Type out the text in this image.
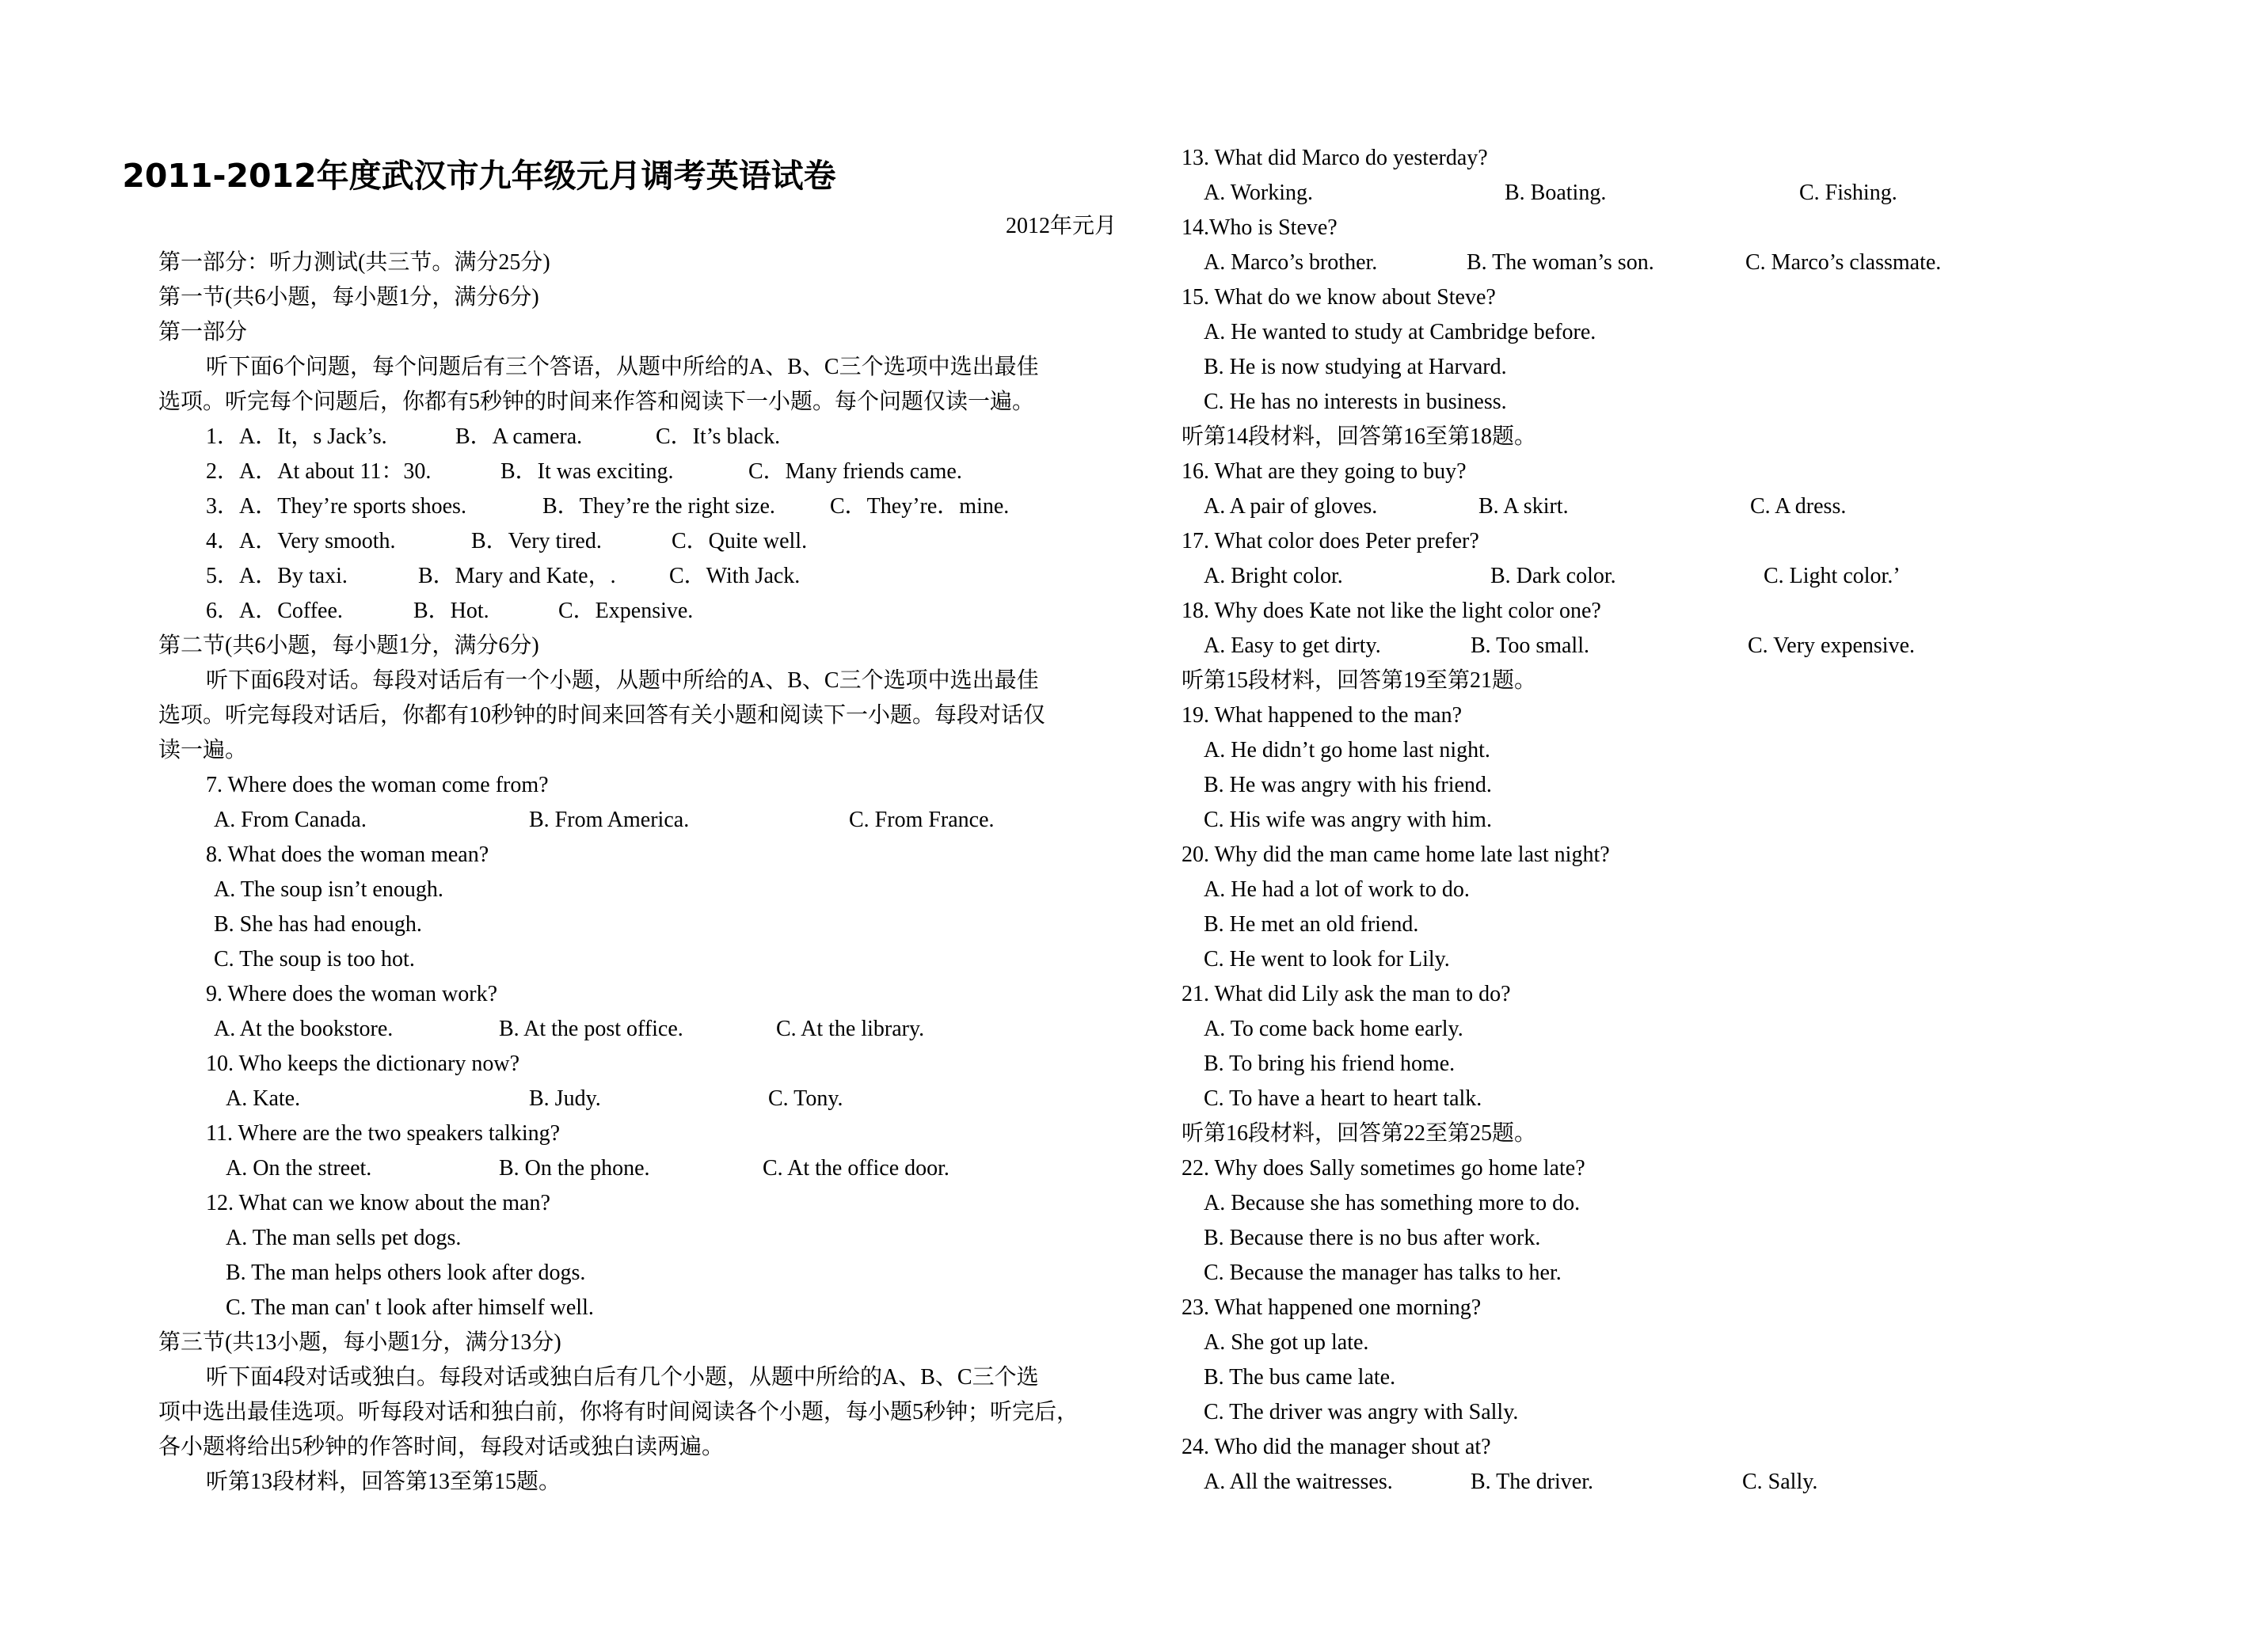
2011-2012年度武汉市九年级元月调考英语试卷
2012年元月
第一部分：听力测试(共三节。满分25分)
第一节(共6小题，每小题1分，满分6分)
第一部分
听下面6个问题，每个问题后有三个答语，从题中所给的A、B、C三个选项中选出最佳
选项。听完每个问题后，你都有5秒钟的时间来作答和阅读下一小题。每个问题仅读一遍。

1．A．It，s Jack’s.

	B．A camera.

	C．It’s black.

2．A．At about 11：30.

	B．It was exciting.

	C．Many friends came.

3．A．They’re sports shoes.

	B．They’re the right size.

C．They’re．mine.

4．A．Very smooth.

	B．Very tired.

	C．Quite well.

5．A．By taxi.

	B．Mary and Kate，.

C．With Jack.

6．A．Coffee.

	B．Hot.

	C．Expensive.

第二节(共6小题，每小题1分，满分6分)
听下面6段对话。每段对话后有一个小题，从题中所给的A、B、C三个选项中选出最佳
选项。听完每段对话后，你都有10秒钟的时间来回答有关小题和阅读下一小题。每段对话仅
读一遍。
7. Where does the woman come from?

A. From Canada.

	B. From America.

	C. From France.

8. What does the woman mean?
A. The soup isn’t enough.
B. She has had enough.
C. The soup is too hot.
9. Where does the woman work?

A. At the bookstore.

	B. At the post office.

	C. At the library.

10. Who keeps the dictionary now?

A. Kate.

	B. Judy.

	C. Tony.

11. Where are the two speakers talking?

A. On the street.

	B. On the phone.

	C. At the office door.

12. What can we know about the man?
A. The man sells pet dogs.
B. The man helps others look after dogs.
C. The man can' t look after himself well.
第三节(共13小题，每小题1分，满分13分)
听下面4段对话或独白。每段对话或独白后有几个小题，从题中所给的A、B、C三个选
项中选出最佳选项。听每段对话和独白前，你将有时间阅读各个小题，每小题5秒钟；听完后，
各小题将给出5秒钟的作答时间，每段对话或独白读两遍。
听第13段材料，回答第13至第15题。
13. What did Marco do yesterday?

A. Working.

	B. Boating.

	C. Fishing.

14.Who is Steve?

A. Marco’s brother.

	B. The woman’s son.

	C. Marco’s classmate.

15. What do we know about Steve?
A. He wanted to study at Cambridge before.
B. He is now studying at Harvard.
C. He has no interests in business.
听第14段材料，回答第16至第18题。
16. What are they going to buy?

A. A pair of gloves.

	B. A skirt.

	C. A dress.

17. What color does Peter prefer?

A. Bright color.

	B. Dark color.

	C. Light color.’

18. Why does Kate not like the light color one?

A. Easy to get dirty.

	B. Too small.

	C. Very expensive.

听第15段材料，回答第19至第21题。
19. What happened to the man?
A. He didn’t go home last night.
B. He was angry with his friend.
C. His wife was angry with him.
20. Why did the man came home late last night?
A. He had a lot of work to do.
B. He met an old friend.
C. He went to look for Lily.
21. What did Lily ask the man to do?
A. To come back home early.
B. To bring his friend home.
C. To have a heart to heart talk.
听第16段材料，回答第22至第25题。
22. Why does Sally sometimes go home late?
A. Because she has something more to do.
B. Because there is no bus after work.
C. Because the manager has talks to her.
23. What happened one morning?
A. She got up late.
B. The bus came late.
C. The driver was angry with Sally.
24. Who did the manager shout at?

A. All the waitresses.

	B. The driver.

	C. Sally.
